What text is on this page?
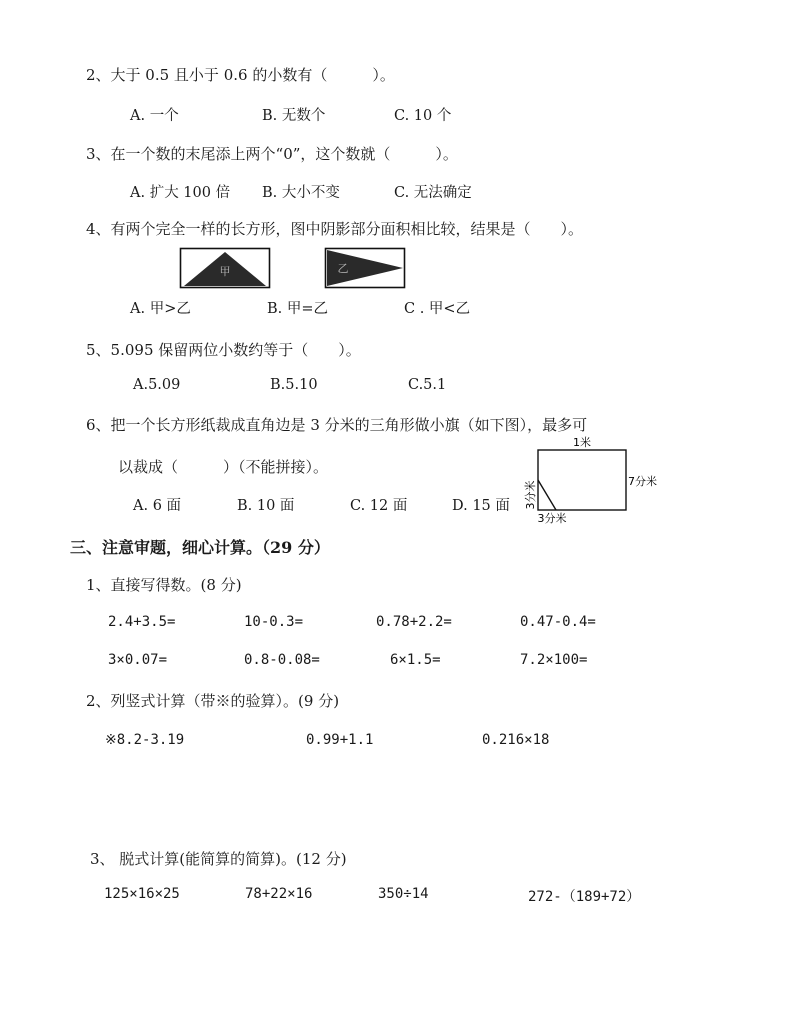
2、大于 0.5 且小于 0.6 的小数有（　　　）。
A. 一个	B. 无数个	C. 10 个
3、在一个数的末尾添上两个“0”，这个数就（　　　）。
A. 扩大 100 倍 B. 大小不变	C. 无法确定
4、有两个完全一样的长方形，图中阴影部分面积相比较，结果是（　　）。
甲	乙
A. 甲>乙	B. 甲=乙	C . 甲<乙
5、5.095 保留两位小数约等于（　　）。
A.5.09	B.5.10	C.5.1
6、把一个长方形纸裁成直角边是 3 分米的三角形做小旗（如下图），最多可
以裁成（　　　）（不能拼接）。
A. 6 面	B. 10 面	C. 12 面	D. 15 面
1米
7分米
3分米
3分米
三、注意审题，细心计算。（29 分）
1、直接写得数。(8 分)
2.4+3.5=	10-0.3=	0.78+2.2=	0.47-0.4=
3×0.07=	0.8-0.08=	6×1.5=	7.2×100=
2、列竖式计算（带※的验算）。(9 分)
※8.2-3.19	0.99+1.1	0.216×18
3、 脱式计算(能简算的简算)。(12 分)
125×16×25	78+22×16	350÷14	272-（189+72）
